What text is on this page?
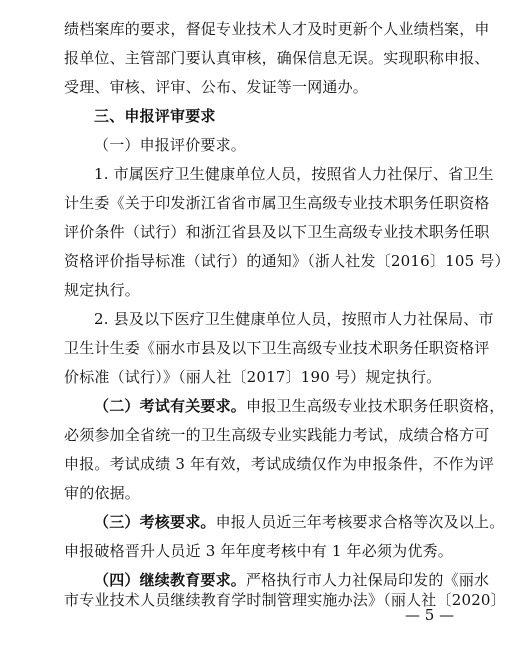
绩档案库的要求，督促专业技术人才及时更新个人业绩档案，申
报单位、主管部门要认真审核，确保信息无误。实现职称申报、
受理、审核、评审、公布、发证等一网通办。
三、申报评审要求
（一）申报评价要求。
1. 市属医疗卫生健康单位人员，按照省人力社保厅、省卫生
计生委《关于印发浙江省省市属卫生高级专业技术职务任职资格
评价条件（试行）和浙江省县及以下卫生高级专业技术职务任职
资格评价指导标准（试行）的通知》（浙人社发〔2016〕105 号）
规定执行。
2. 县及以下医疗卫生健康单位人员，按照市人力社保局、市
卫生计生委《丽水市县及以下卫生高级专业技术职务任职资格评
价标准（试行）》（丽人社〔2017〕190 号）规定执行。
（二）考试有关要求。申报卫生高级专业技术职务任职资格，
必须参加全省统一的卫生高级专业实践能力考试，成绩合格方可
申报。考试成绩 3 年有效，考试成绩仅作为申报条件，不作为评
审的依据。
（三）考核要求。申报人员近三年考核要求合格等次及以上。
申报破格晋升人员近 3 年年度考核中有 1 年必须为优秀。
（四）继续教育要求。严格执行市人力社保局印发的《丽水
市专业技术人员继续教育学时制管理实施办法》（丽人社〔2020〕
— 5 —
